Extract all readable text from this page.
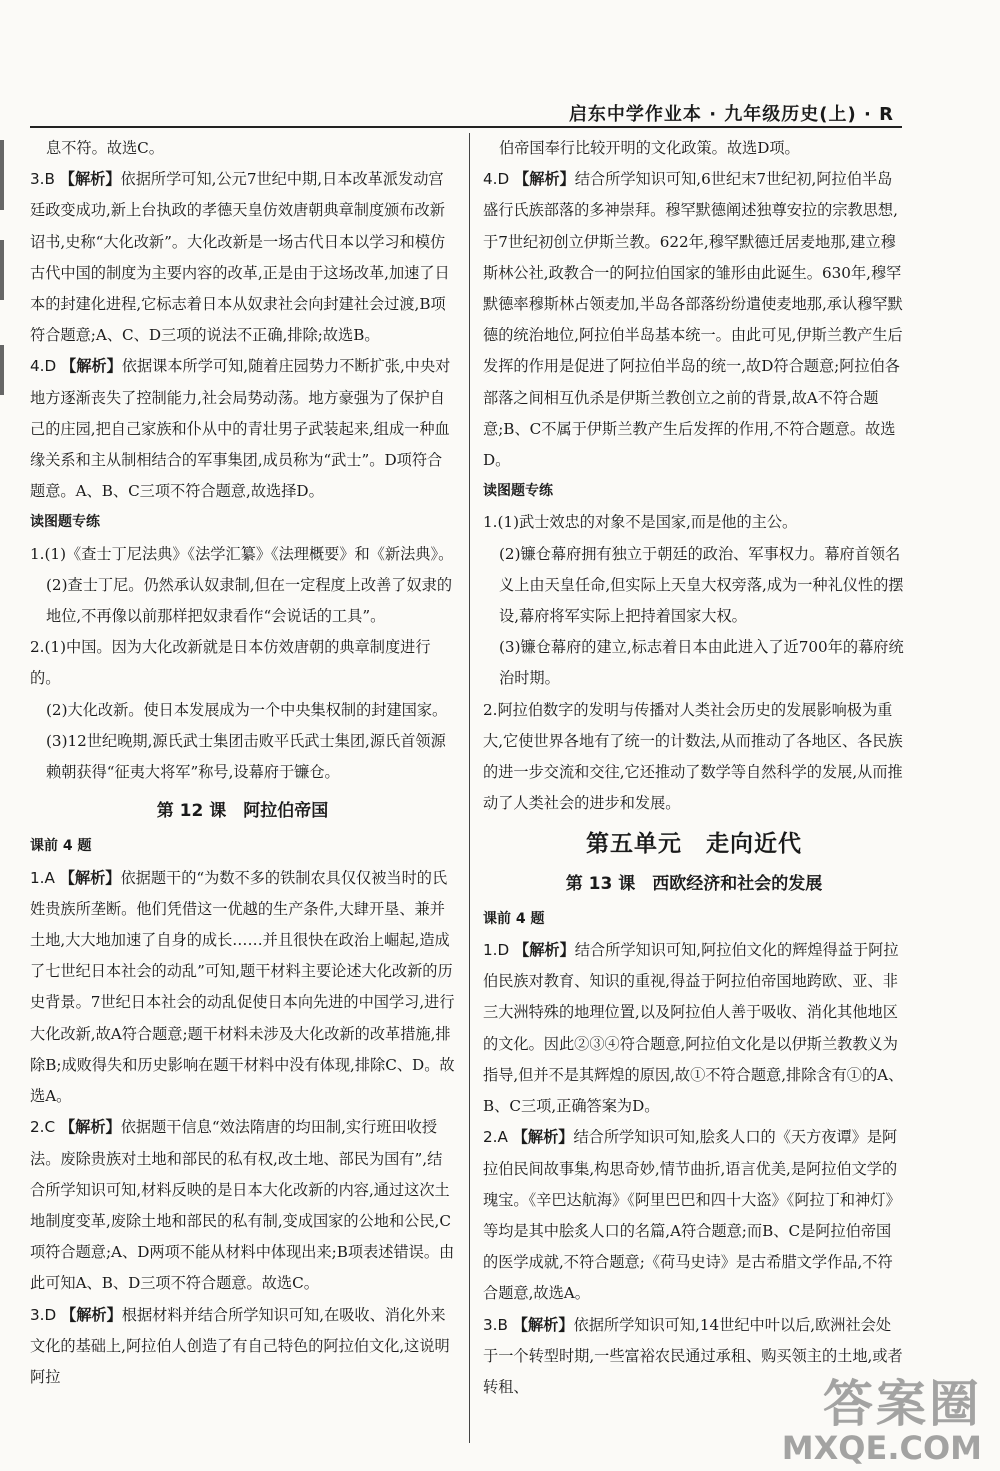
启东中学作业本 · 九年级历史(上) · R

息不符。故选C。

3.B 【解析】依据所学可知,公元7世纪中期,日本改革派发动宫廷政变成功,新上台执政的孝德天皇仿效唐朝典章制度颁布改新诏书,史称“大化改新”。大化改新是一场古代日本以学习和模仿古代中国的制度为主要内容的改革,正是由于这场改革,加速了日本的封建化进程,它标志着日本从奴隶社会向封建社会过渡,B项符合题意;A、C、D三项的说法不正确,排除;故选B。

4.D 【解析】依据课本所学可知,随着庄园势力不断扩张,中央对地方逐渐丧失了控制能力,社会局势动荡。地方豪强为了保护自己的庄园,把自己家族和仆从中的青壮男子武装起来,组成一种血缘关系和主从制相结合的军事集团,成员称为“武士”。D项符合题意。A、B、C三项不符合题意,故选择D。

读图题专练

1.(1)《查士丁尼法典》《法学汇纂》《法理概要》和《新法典》。

(2)查士丁尼。仍然承认奴隶制,但在一定程度上改善了奴隶的地位,不再像以前那样把奴隶看作“会说话的工具”。

2.(1)中国。因为大化改新就是日本仿效唐朝的典章制度进行的。

(2)大化改新。使日本发展成为一个中央集权制的封建国家。

(3)12世纪晚期,源氏武士集团击败平氏武士集团,源氏首领源赖朝获得“征夷大将军”称号,设幕府于镰仓。

第 12 课　阿拉伯帝国

课前 4 题

1.A 【解析】依据题干的“为数不多的铁制农具仅仅被当时的氏姓贵族所垄断。他们凭借这一优越的生产条件,大肆开垦、兼并土地,大大地加速了自身的成长……并且很快在政治上崛起,造成了七世纪日本社会的动乱”可知,题干材料主要论述大化改新的历史背景。7世纪日本社会的动乱促使日本向先进的中国学习,进行大化改新,故A符合题意;题干材料未涉及大化改新的改革措施,排除B;成败得失和历史影响在题干材料中没有体现,排除C、D。故选A。

2.C 【解析】依据题干信息“效法隋唐的均田制,实行班田收授法。废除贵族对土地和部民的私有权,改土地、部民为国有”,结合所学知识可知,材料反映的是日本大化改新的内容,通过这次土地制度变革,废除土地和部民的私有制,变成国家的公地和公民,C项符合题意;A、D两项不能从材料中体现出来;B项表述错误。由此可知A、B、D三项不符合题意。故选C。

3.D 【解析】根据材料并结合所学知识可知,在吸收、消化外来文化的基础上,阿拉伯人创造了有自己特色的阿拉伯文化,这说明阿拉

伯帝国奉行比较开明的文化政策。故选D项。

4.D 【解析】结合所学知识可知,6世纪末7世纪初,阿拉伯半岛盛行氏族部落的多神崇拜。穆罕默德阐述独尊安拉的宗教思想,于7世纪初创立伊斯兰教。622年,穆罕默德迁居麦地那,建立穆斯林公社,政教合一的阿拉伯国家的雏形由此诞生。630年,穆罕默德率穆斯林占领麦加,半岛各部落纷纷遣使麦地那,承认穆罕默德的统治地位,阿拉伯半岛基本统一。由此可见,伊斯兰教产生后发挥的作用是促进了阿拉伯半岛的统一,故D符合题意;阿拉伯各部落之间相互仇杀是伊斯兰教创立之前的背景,故A不符合题意;B、C不属于伊斯兰教产生后发挥的作用,不符合题意。故选D。

读图题专练

1.(1)武士效忠的对象不是国家,而是他的主公。

(2)镰仓幕府拥有独立于朝廷的政治、军事权力。幕府首领名义上由天皇任命,但实际上天皇大权旁落,成为一种礼仪性的摆设,幕府将军实际上把持着国家大权。

(3)镰仓幕府的建立,标志着日本由此进入了近700年的幕府统治时期。

2.阿拉伯数字的发明与传播对人类社会历史的发展影响极为重大,它使世界各地有了统一的计数法,从而推动了各地区、各民族的进一步交流和交往,它还推动了数学等自然科学的发展,从而推动了人类社会的进步和发展。

第五单元　走向近代

第 13 课　西欧经济和社会的发展

课前 4 题

1.D 【解析】结合所学知识可知,阿拉伯文化的辉煌得益于阿拉伯民族对教育、知识的重视,得益于阿拉伯帝国地跨欧、亚、非三大洲特殊的地理位置,以及阿拉伯人善于吸收、消化其他地区的文化。因此②③④符合题意,阿拉伯文化是以伊斯兰教教义为指导,但并不是其辉煌的原因,故①不符合题意,排除含有①的A、B、C三项,正确答案为D。

2.A 【解析】结合所学知识可知,脍炙人口的《天方夜谭》是阿拉伯民间故事集,构思奇妙,情节曲折,语言优美,是阿拉伯文学的瑰宝。《辛巴达航海》《阿里巴巴和四十大盗》《阿拉丁和神灯》等均是其中脍炙人口的名篇,A符合题意;而B、C是阿拉伯帝国的医学成就,不符合题意;《荷马史诗》是古希腊文学作品,不符合题意,故选A。

3.B 【解析】依据所学知识可知,14世纪中叶以后,欧洲社会处于一个转型时期,一些富裕农民通过承租、购买领主的土地,或者转租、	答案圈
MXQE.COM
